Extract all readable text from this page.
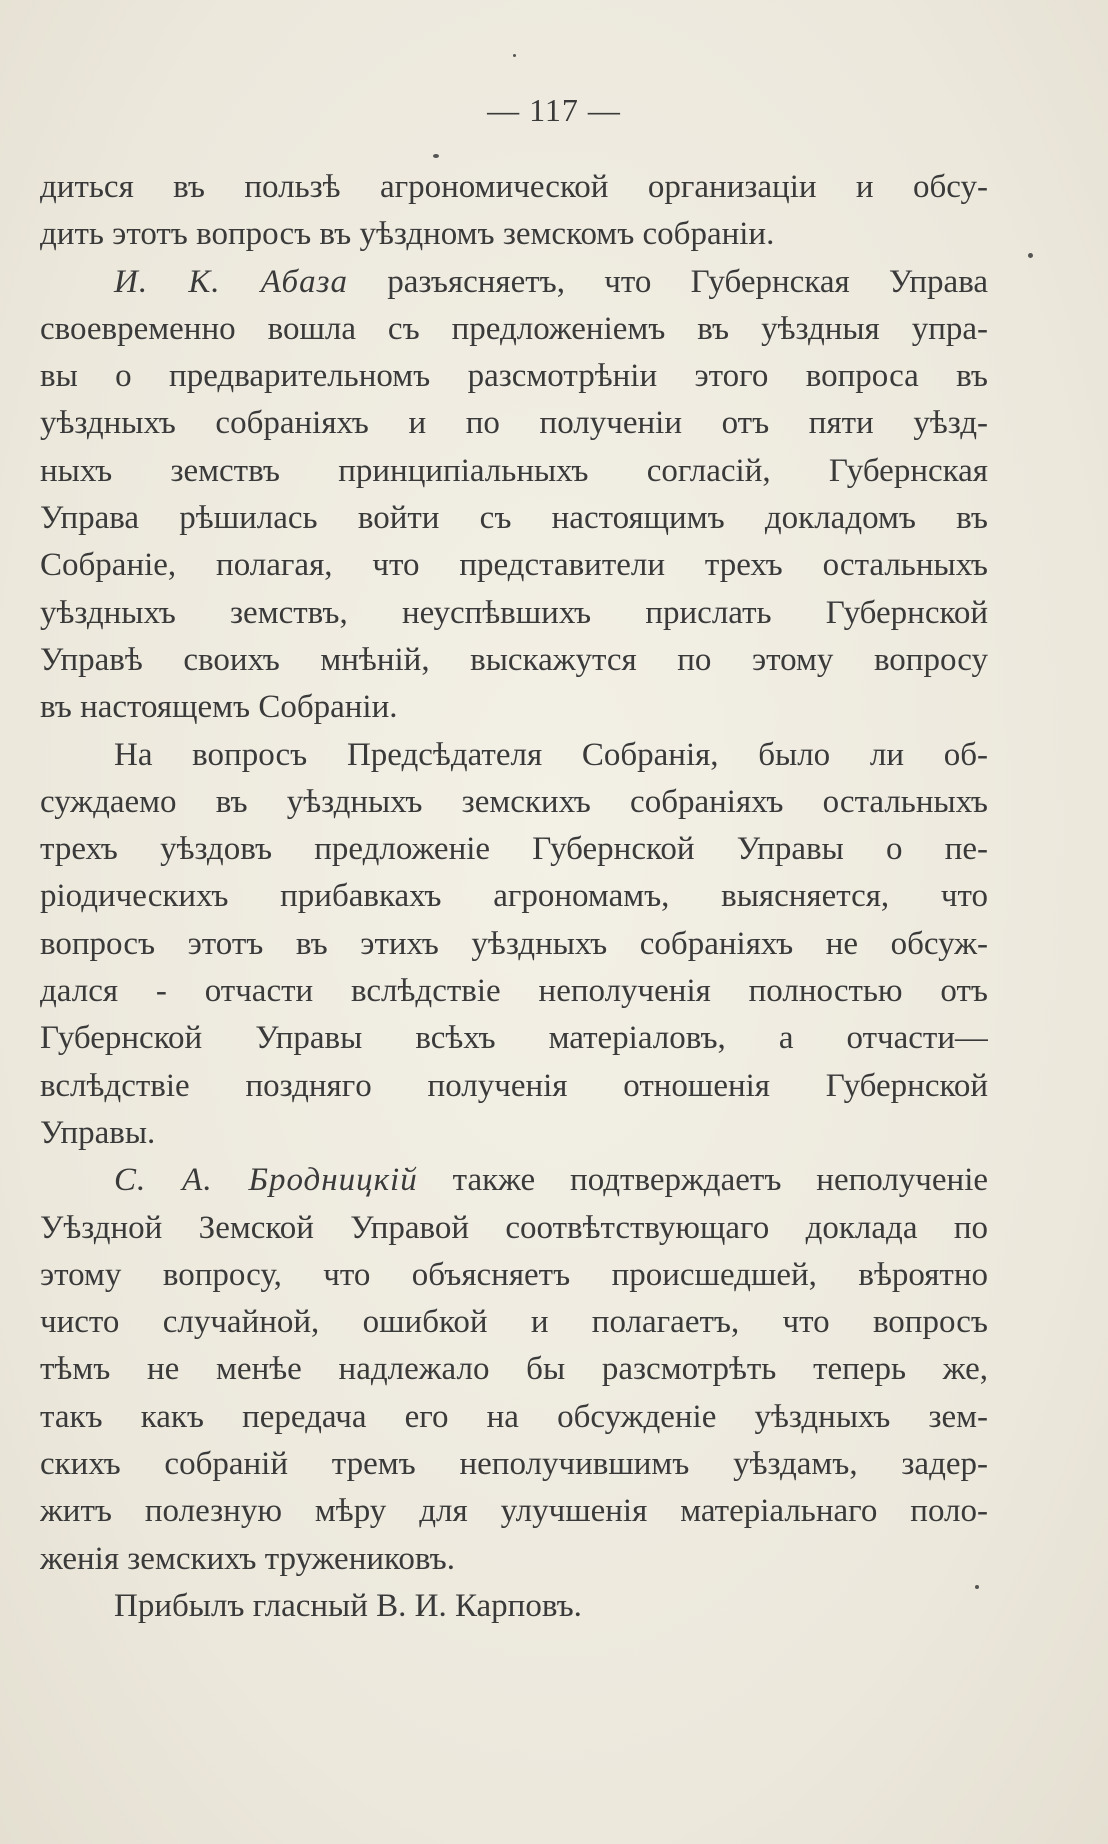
— 117 —
диться въ пользѣ агрономической организаціи и обсу-
дить этотъ вопросъ въ уѣздномъ земскомъ собраніи.
И. К. Абаза разъясняетъ, что Губернская Управа
своевременно вошла съ предложеніемъ въ уѣздныя упра-
вы о предварительномъ разсмотрѣніи этого вопроса въ
уѣздныхъ собраніяхъ и по полученіи отъ пяти уѣзд-
ныхъ земствъ принципіальныхъ согласій, Губернская
Управа рѣшилась войти съ настоящимъ докладомъ въ
Собраніе, полагая, что представители трехъ остальныхъ
уѣздныхъ земствъ, неуспѣвшихъ прислать Губернской
Управѣ своихъ мнѣній, выскажутся по этому вопросу
въ настоящемъ Собраніи.
На вопросъ Предсѣдателя Собранія, было ли об-
суждаемо въ уѣздныхъ земскихъ собраніяхъ остальныхъ
трехъ уѣздовъ предложеніе Губернской Управы о пе-
ріодическихъ прибавкахъ агрономамъ, выясняется, что
вопросъ этотъ въ этихъ уѣздныхъ собраніяхъ не обсуж-
дался - отчасти вслѣдствіе неполученія полностью отъ
Губернской Управы всѣхъ матеріаловъ, а отчасти—
вслѣдствіе позднягo полученія отношенія Губернской
Управы.
С. А. Бродницкій также подтверждаетъ неполученіе
Уѣздной Земской Управой соотвѣтствующаго доклада по
этому вопросу, что объясняетъ происшедшей, вѣроятно
чисто случайной, ошибкой и полагаетъ, что вопросъ
тѣмъ не менѣе надлежало бы разсмотрѣть теперь же,
такъ какъ передача его на обсужденіе уѣздныхъ зем-
скихъ собраній тремъ неполучившимъ уѣздамъ, задер-
житъ полезную мѣру для улучшенія матеріальнаго поло-
женія земскихъ тружениковъ.
Прибылъ гласный В. И. Карповъ.
